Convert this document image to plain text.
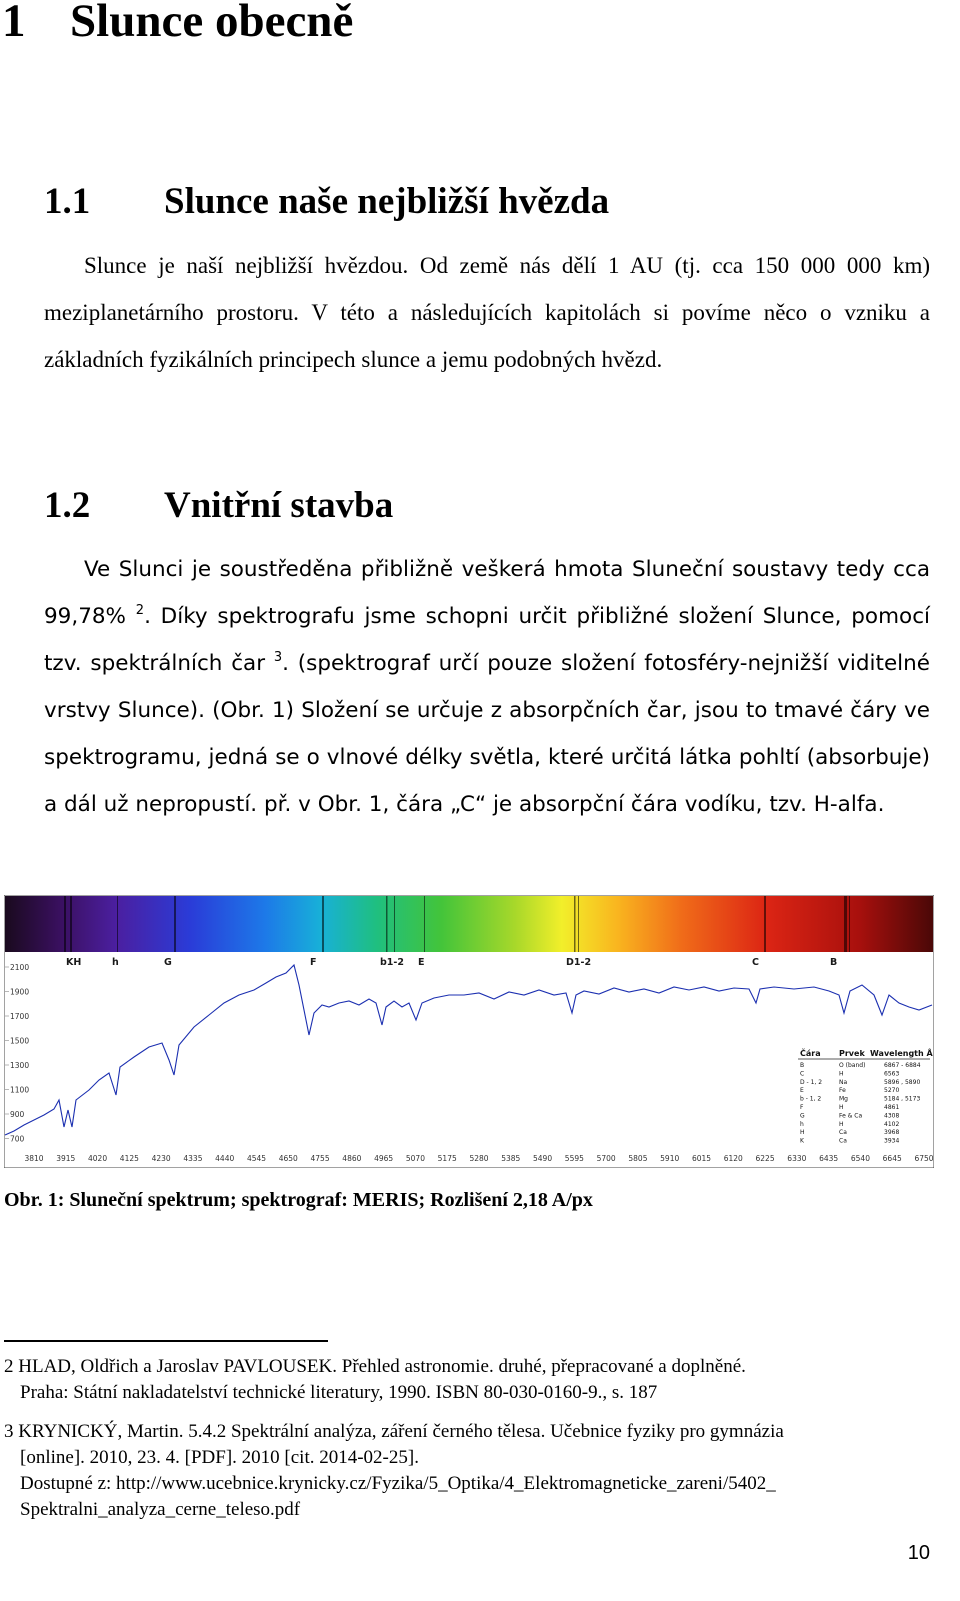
1 Slunce obecně
1.1 Slunce naše nejbližší hvězda
Slunce je naší nejbližší hvězdou. Od země nás dělí 1 AU (tj. cca 150 000 000 km) meziplanetárního prostoru. V této a následujících kapitolách si povíme něco o vzniku a základních fyzikálních principech slunce a jemu podobných hvězd.
1.2 Vnitřní stavba
Ve Slunci je soustředěna přibližně veškerá hmota Sluneční soustavy tedy cca 99,78% $^2$. Díky spektrografu jsme schopni určit přibližné složení Slunce, pomocí tzv. spektrálních čar $^3$. (spektrograf určí pouze složení fotosféry-nejnižší viditelné vrstvy Slunce). (Obr. 1) Složení se určuje z absorpčních čar, jsou to tmavé čáry ve spektrogramu, jedná se o vlnové délky světla, které určitá látka pohltí (absorbuje) a dál už nepropustí. př. v Obr. 1, čára „C“ je absorpční čára vodíku, tzv. H-alfa.
2100
1900
1700
1500
1300
1100
900
700
3810 3915 4020 4125 4230 4335 4440 4545 4650 4755 4860 4965 5070 5175 5280 5385 5490 5595 5700 5805 5910 6015 6120 6225 6330 6435 6540 6645 6750
KH	h	G	F	b1-2 E	D1-2	C	B
Čára Prvek Wavelength Å
B	O (band)	6867 - 6884
C	H	6563
D - 1, 2	Na	5896 , 5890
E	Fe	5270
b - 1, 2	Mg	5184 , 5173
F	H	4861
G	Fe & Ca	4308
h	H	4102
H	Ca	3968
K	Ca	3934
Obr. 1: Sluneční spektrum; spektrograf: MERIS; Rozlišení 2,18 A/px
2 HLAD, Oldřich a Jaroslav PAVLOUSEK. Přehled astronomie. druhé, přepracované a doplněné.
Praha: Státní nakladatelství technické literatury, 1990. ISBN 80-030-0160-9., s. 187
3 KRYNICKÝ, Martin. 5.4.2 Spektrální analýza, záření černého tělesa. Učebnice fyziky pro gymnázia
[online]. 2010, 23. 4. [PDF]. 2010 [cit. 2014-02-25].
Dostupné z: http://www.ucebnice.krynicky.cz/Fyzika/5_Optika/4_Elektromagneticke_zareni/5402_
Spektralni_analyza_cerne_teleso.pdf
10
